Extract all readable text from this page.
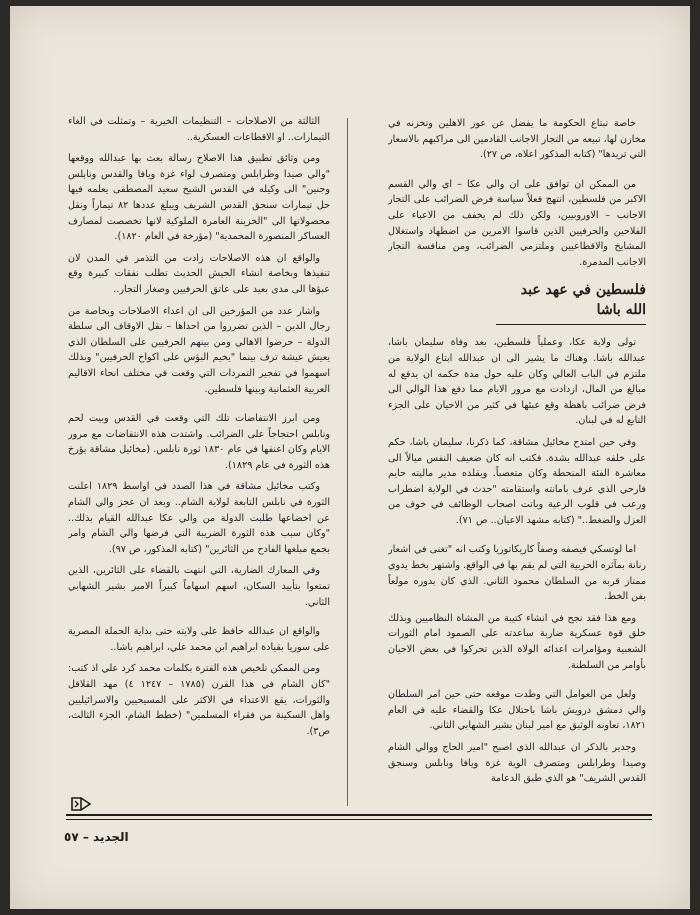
خاصة تبتاع الحكومة ما يفضل عن عوز الاهلين وتخزنه في مخازن لها، تبيعه من التجار الاجانب القادمين الى مراكبهم بالاسعار التي تريدها" (كتابه المذكور اعلاه، ص ٢٧).

من الممكن ان توافق على ان والي عكا – اي والي القسم الاكبر من فلسطين، انتهج فعلاً سياسة فرض الضرائب على التجار الاجانب – الاوروبيين، ولكن ذلك لم يخفف من الاعباء على الفلاحين والحرفيين الذين قاسوا الامرين من اضطهاد واستغلال المشايخ والاقطاعيين وملتزمي الضرائب، ومن منافسة التجار الاجانب المدمرة.

فلسطين في عهد عبد الله باشا

تولى ولاية عكا، وعملياً فلسطين، بعد وفاة سليمان باشا، عبدالله باشا. وهناك ما يشير الى ان عبدالله ابتاع الولاية من ملتزم في الباب العالي وكان عليه حول مدة حكمه ان يدفع له مبالغ من المال، ازدادت مع مرور الايام مما دفع هذا الوالي الى فرض ضرائب باهظة وقع عبئها في كثير من الاحيان على الجزء التابع له في لبنان.

وفي حين امتدح مخائيل مشاقة، كما ذكرنا، سليمان باشا، حكم على خلفه عبدالله بشدة. فكتب انه كان ضعيف النفس ميالاً الى معاشرة الفئة المنحطة وكان متعصباً. ويقلده مدير ماليته حايم فارحي الذي عرف بامانته واستقامته "حدث في الولاية اضطراب ورعب في قلوب الرعية وباتت اصحاب الوظائف في خوف من العزل والضغط.." (كتابه مشهد الاعيان.. ص ٧١).

اما لوتسكي فيصفه وصفاً كاريكاتوريا وكتب انه "تغنى في اشعار رنانة بمآثره الحربية التي لم يقم بها في الواقع. واشتهر بخط يدوي ممتاز قربه من السلطان محمود الثاني. الذي كان بدوره مولعاً بفن الخط.

ومع هذا فقد نجح في انشاء كتيبة من المشاة النظاميين وبذلك خلق قوة عسكرية ضاربة ساعدته على الصمود امام الثورات الشعبية ومؤامرات اعدائه الولاة الذين تحركوا في بعض الاحيان بأوامر من السلطنة.

ولعل من العوامل التي وطدت موقعه حتى حين امر السلطان والي دمشق درويش باشا باحتلال عكا والقضاء عليه في العام ١٨٢١، تعاونه الوثيق مع امير لبنان بشير الشهابي الثاني.

وجدير بالذكر ان عبدالله الذي اصبح "امير الحاج ووالي الشام وصيدا وطرابلس ومتصرف الوية غزة ويافا ونابلس وسنجق القدس الشريف" هو الذي طبق الدعامة

الثالثة من الاصلاحات – التنظيمات الخيرية – وتمثلت في الغاء التيمارات.. او الاقطاعات العسكرية..

ومن وثائق تطبيق هذا الاصلاح رسالة بعث بها عبدالله ووقعها "والي صيدا وطرابلس ومتصرف لواء غزة ويافا والقدس ونابلس وجنين" الى وكيله في القدس الشيخ سعيد المصطفى يعلمه فيها حل تيمارات سنجق القدس الشريف ويبلغ عددها ٨٢ تيماراً ونقل محصولاتها الى "الخزينة العامرة الملوكية لانها تخصصت لمصارف العساكر المنصورة المحمدية" (مؤرخة في العام ١٨٢٠).

والواقع ان هذه الاصلاحات زادت من التذمر في المدن لان تنفيذها وبخاصة انشاء الجيش الحديث تطلب نفقات كبيرة وقع عبؤها الى مدى بعيد على عاتق الحرفيين وصغار التجار..

واشار عدد من المؤرخين الى ان اعداء الاصلاحات وبخاصة من رجال الدين – الذين تضرروا من احداها – نقل الاوقاف الى سلطة الدولة – حرضوا الاهالي ومن بينهم الحرفيين على السلطان الذي يعيش عيشة ترف بينما "يخيم البؤس على اكواخ الحرفيين" وبذلك اسهموا في تفجير التمردات التي وقعت في مختلف انحاء الاقاليم العربية العثمانية وبينها فلسطين.

ومن ابرز الانتفاضات تلك التي وقعت في القدس وبيت لحم ونابلس احتجاجاً على الضرائب. واشتدت هذه الانتفاضات مع مرور الايام وكان اعنفها في عام ١٨٣٠ ثورة نابلس. (مخائيل مشاقة يؤرخ هذه الثورة في عام ١٨٢٩).

وكتب مخائيل مشاقة في هذا الصدد في اواسط ١٨٢٩ اعلنت الثورة في نابلس التابعة لولاية الشام.. وبعد ان عجز والي الشام عن اخضاعها طلبت الدولة من والي عكا عبدالله القيام بذلك.. "وكان سبب هذه الثورة الضريبة التي فرضها والي الشام وامر بجمع مبلغها الفادح من الثائرين" (كتابه المذكور، ص ٩٧).

وفي المعارك الضارية، التي انتهت بالقضاء على الثائرين، الذين تمتعوا بتأييد السكان، اسهم اسهاماً كبيراً الامير بشير الشهابي الثاني.

والواقع ان عبدالله حافظ على ولايته حتى بداية الحملة المصرية على سوريا بقيادة ابراهيم ابن محمد علي، ابراهيم باشا..

ومن الممكن تلخيص هذه الفترة بكلمات محمد كرد علي اذ كتب: "كان الشام في هذا القرن (١٧٨٥ – ١٢٤٧ ٤) مهد القلاقل والثورات، يقع الاعتداء في الاكثر على المسيحيين والاسرائيليين واهل السكينة من فقراء المسلمين" (خطط الشام، الجزء الثالث، ص٣).

الجديد – ٥٧
